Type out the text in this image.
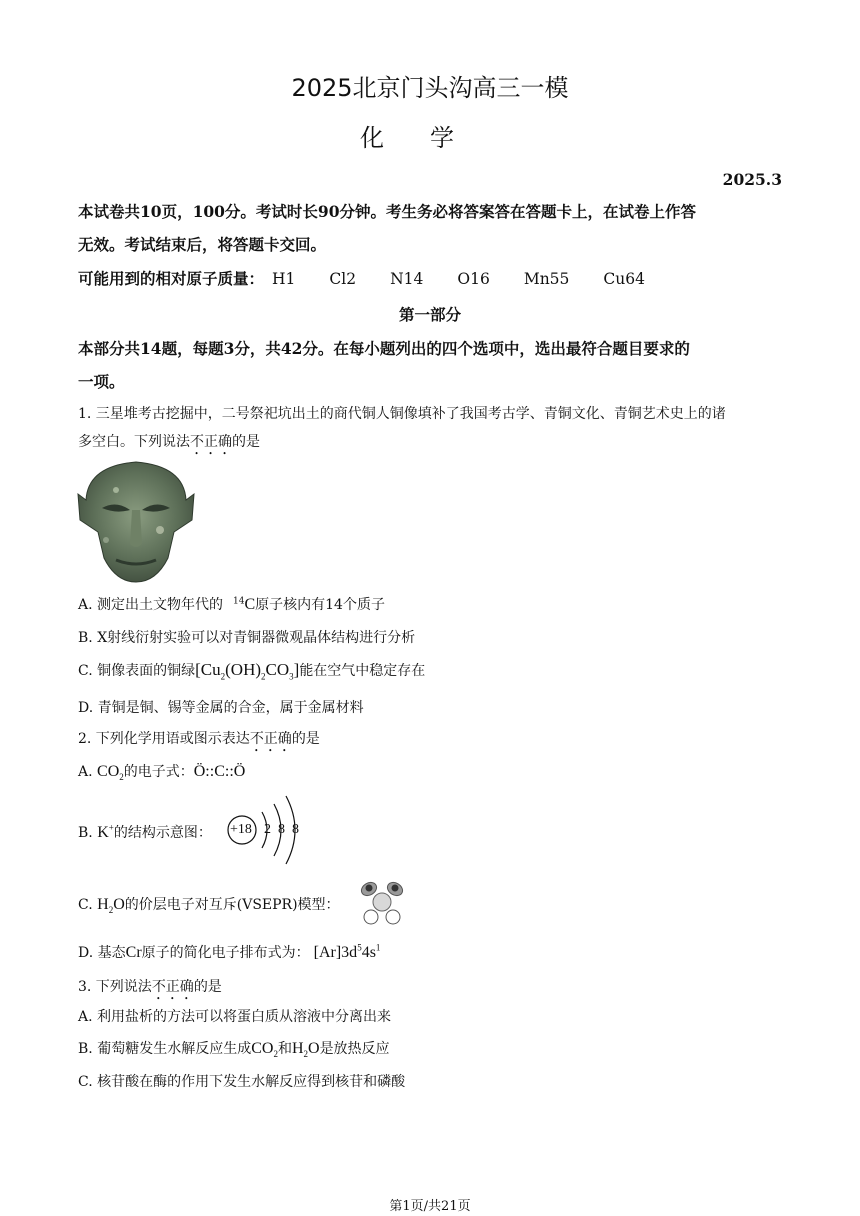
2025北京门头沟高三一模
化学
2025.3
本试卷共10页，100分。考试时长90分钟。考生务必将答案答在答题卡上，在试卷上作答
无效。考试结束后，将答题卡交回。
可能用到的相对原子质量： H1 Cl2 N14 O16 Mn55 Cu64
第一部分
本部分共14题，每题3分，共42分。在每小题列出的四个选项中，选出最符合题目要求的
一项。
1. 三星堆考古挖掘中，二号祭祀坑出土的商代铜人铜像填补了我国考古学、青铜文化、青铜艺术史上的诸
多空白。下列说法不正确的是
A. 测定出土文物年代的 $^{14}$C原子核内有14个质子
B. X射线衍射实验可以对青铜器微观晶体结构进行分析
C. 铜像表面的铜绿$[Cu_2(OH)_2CO_3]$能在空气中稳定存在
D. 青铜是铜、锡等金属的合金，属于金属材料
2. 下列化学用语或图示表达不正确的是
A. $CO_2$的电子式：Ö::C::Ö
B. K+的结构示意图： +18 2  8  8
C. $H_2O$的价层电子对互斥(VSEPR)模型：
D. 基态Cr原子的简化电子排布式为： $[Ar]3d^54s^1$
3. 下列说法不正确的是
A. 利用盐析的方法可以将蛋白质从溶液中分离出来
B. 葡萄糖发生水解反应生成$CO_2$和$H_2O$是放热反应
C. 核苷酸在酶的作用下发生水解反应得到核苷和磷酸
第1页/共21页
